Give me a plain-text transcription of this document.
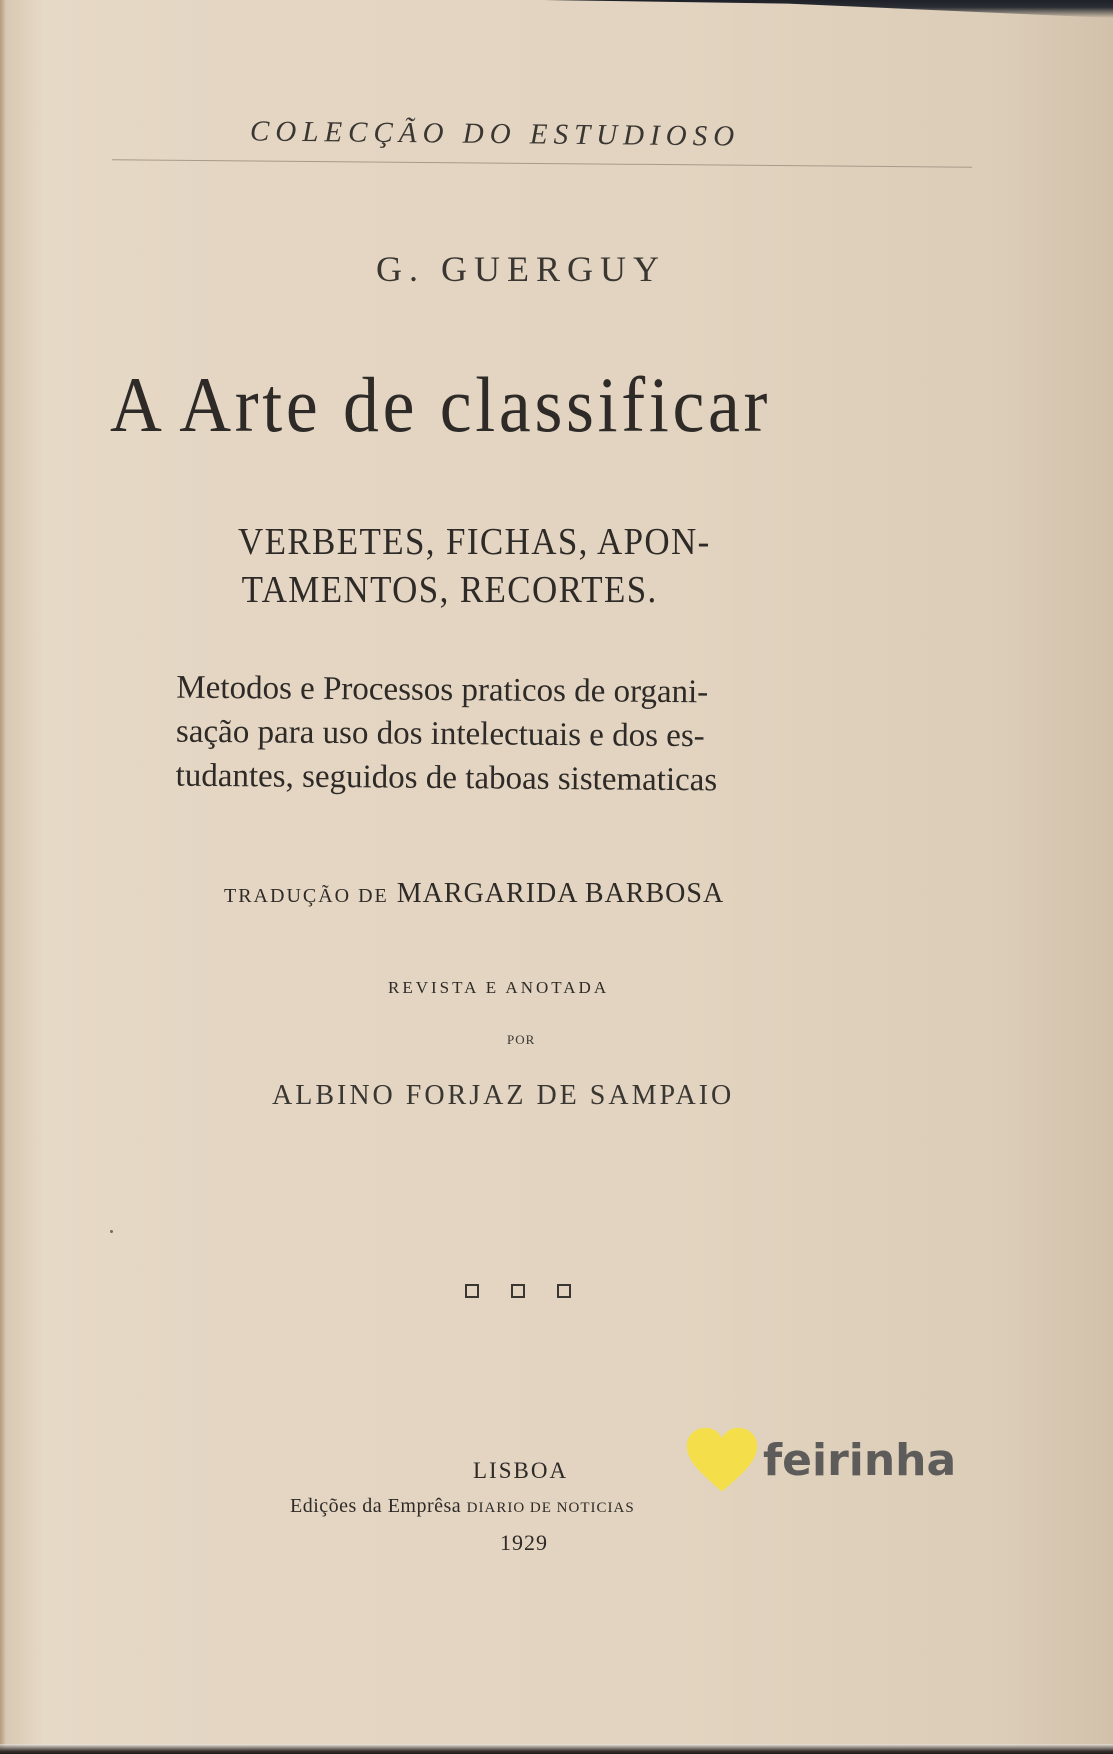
COLECÇÃO DO ESTUDIOSO
G. GUERGUY
A Arte de classificar
VERBETES, FICHAS, APON-
TAMENTOS, RECORTES.
Metodos e Processos praticos de organi-
sação para uso dos intelectuais e dos es-
tudantes, seguidos de taboas sistematicas
TRADUÇÃO DE MARGARIDA BARBOSA
REVISTA E ANOTADA
POR
ALBINO FORJAZ DE SAMPAIO
LISBOA
Edições da Emprêsa DIARIO DE NOTICIAS
1929
feirinha
